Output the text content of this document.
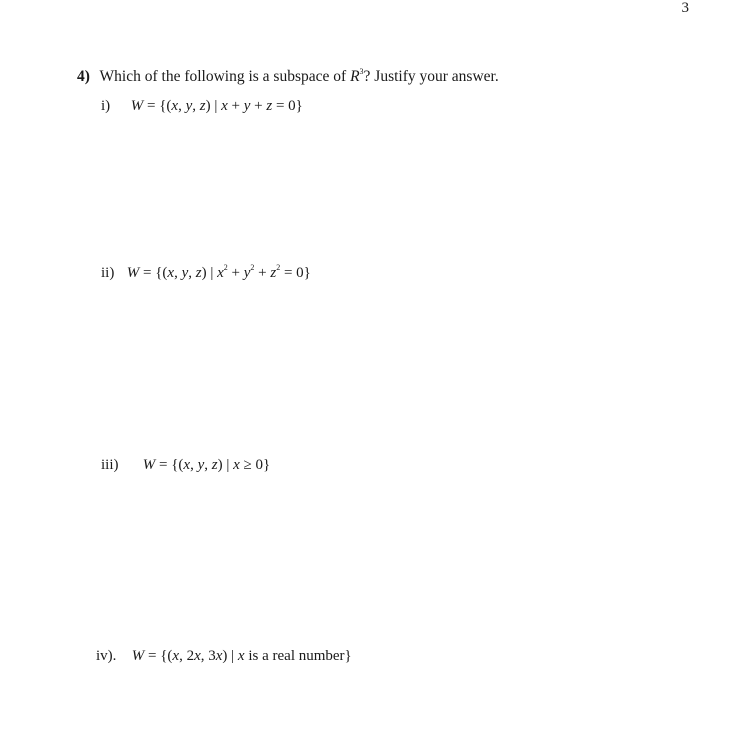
3
4) Which of the following is a subspace of $R^3$? Justify your answer.
i) W = {(x, y, z) | x + y + z = 0}
ii) W = {(x, y, z) | $x^2 + y^2 + z^2 = 0$}
iii) W = {(x, y, z) | x ≥ 0}
iv). W = {(x, 2x, 3x) | x is a real number}
